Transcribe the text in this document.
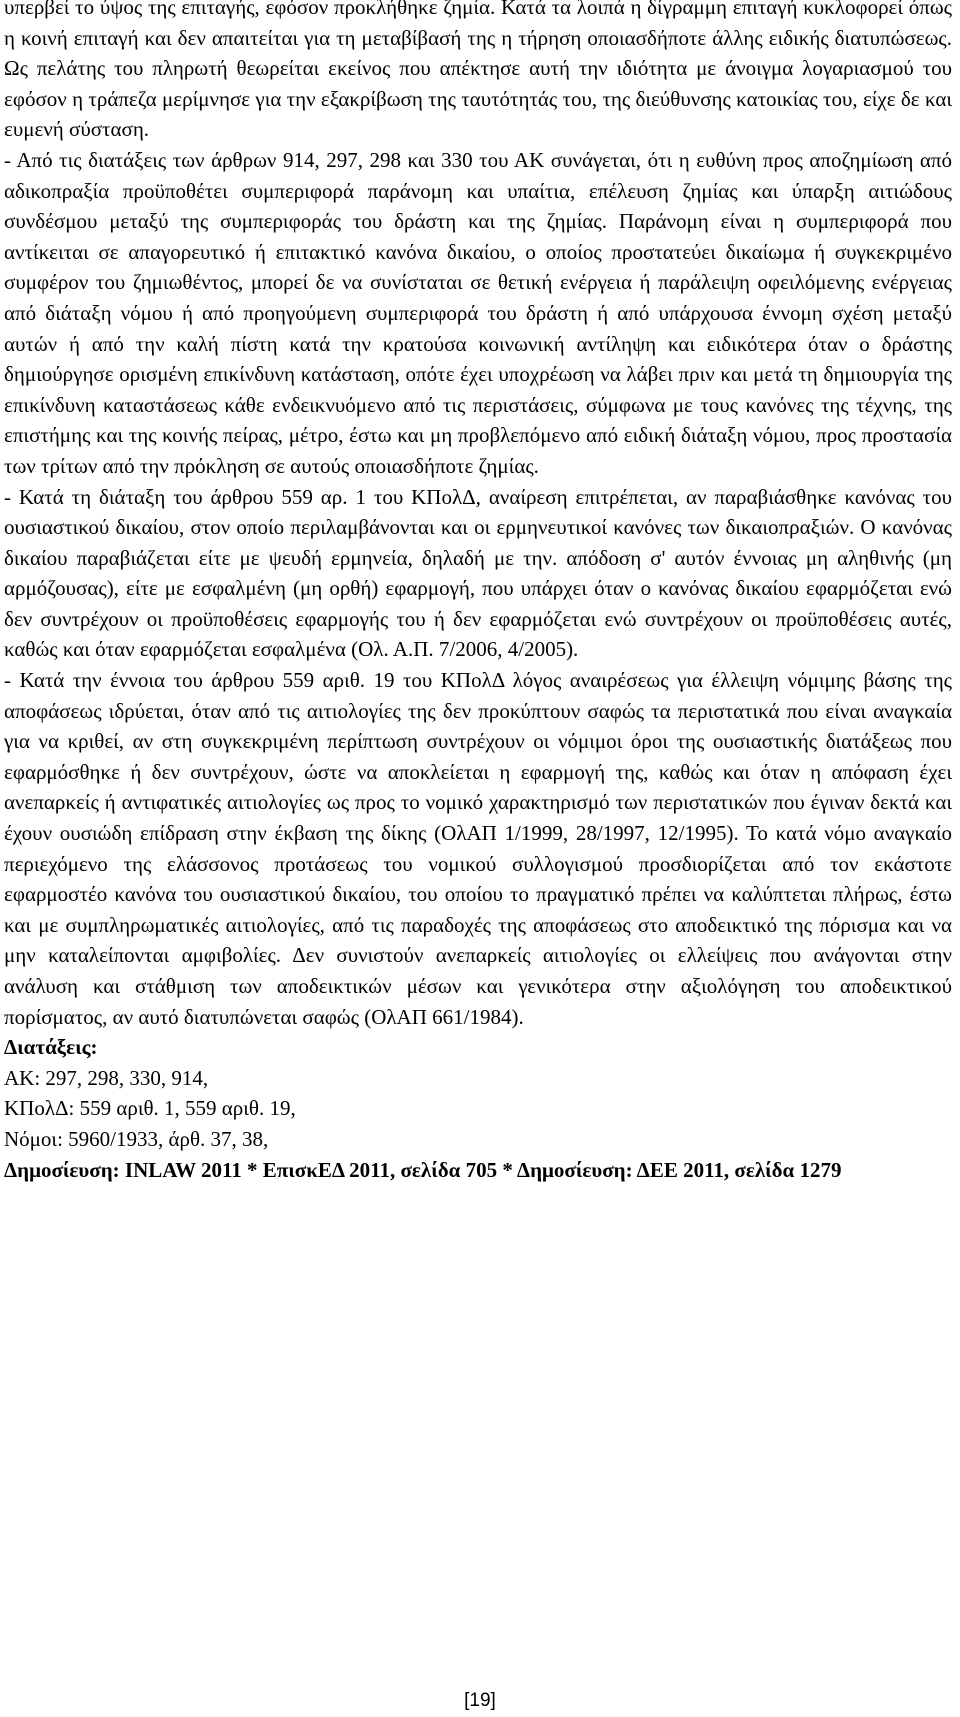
υπερβεί το ύψος της επιταγής, εφόσον προκλήθηκε ζημία. Κατά τα λοιπά η δίγραμμη επιταγή κυκλοφορεί όπως η κοινή επιταγή και δεν απαιτείται για τη μεταβίβασή της η τήρηση οποιασδήποτε άλλης ειδικής διατυπώσεως. Ως πελάτης του πληρωτή θεωρείται εκείνος που απέκτησε αυτή την ιδιότητα με άνοιγμα λογαριασμού του εφόσον η τράπεζα μερίμνησε για την εξακρίβωση της ταυτότητάς του, της διεύθυνσης κατοικίας του, είχε δε και ευμενή σύσταση.

- Από τις διατάξεις των άρθρων 914, 297, 298 και 330 του ΑΚ συνάγεται, ότι η ευθύνη προς αποζημίωση από αδικοπραξία προϋποθέτει συμπεριφορά παράνομη και υπαίτια, επέλευση ζημίας και ύπαρξη αιτιώδους συνδέσμου μεταξύ της συμπεριφοράς του δράστη και της ζημίας. Παράνομη είναι η συμπεριφορά που αντίκειται σε απαγορευτικό ή επιτακτικό κανόνα δικαίου, ο οποίος προστατεύει δικαίωμα ή συγκεκριμένο συμφέρον του ζημιωθέντος, μπορεί δε να συνίσταται σε θετική ενέργεια ή παράλειψη οφειλόμενης ενέργειας από διάταξη νόμου ή από προηγούμενη συμπεριφορά του δράστη ή από υπάρχουσα έννομη σχέση μεταξύ αυτών ή από την καλή πίστη κατά την κρατούσα κοινωνική αντίληψη και ειδικότερα όταν ο δράστης δημιούργησε ορισμένη επικίνδυνη κατάσταση, οπότε έχει υποχρέωση να λάβει πριν και μετά τη δημιουργία της επικίνδυνη καταστάσεως κάθε ενδεικνυόμενο από τις περιστάσεις, σύμφωνα με τους κανόνες της τέχνης, της επιστήμης και της κοινής πείρας, μέτρο, έστω και μη προβλεπόμενο από ειδική διάταξη νόμου, προς προστασία των τρίτων από την πρόκληση σε αυτούς οποιασδήποτε ζημίας.

- Κατά τη διάταξη του άρθρου 559 αρ. 1 του ΚΠολΔ, αναίρεση επιτρέπεται, αν παραβιάσθηκε κανόνας του ουσιαστικού δικαίου, στον οποίο περιλαμβάνονται και οι ερμηνευτικοί κανόνες των δικαιοπραξιών. Ο κανόνας δικαίου παραβιάζεται είτε με ψευδή ερμηνεία, δηλαδή με την. απόδοση σ' αυτόν έννοιας μη αληθινής (μη αρμόζουσας), είτε με εσφαλμένη (μη ορθή) εφαρμογή, που υπάρχει όταν ο κανόνας δικαίου εφαρμόζεται ενώ δεν συντρέχουν οι προϋποθέσεις εφαρμογής του ή δεν εφαρμόζεται ενώ συντρέχουν οι προϋποθέσεις αυτές, καθώς και όταν εφαρμόζεται εσφαλμένα (Ολ. Α.Π. 7/2006, 4/2005).

- Κατά την έννοια του άρθρου 559 αριθ. 19 του ΚΠολΔ λόγος αναιρέσεως για έλλειψη νόμιμης βάσης της αποφάσεως ιδρύεται, όταν από τις αιτιολογίες της δεν προκύπτουν σαφώς τα περιστατικά που είναι αναγκαία για να κριθεί, αν στη συγκεκριμένη περίπτωση συντρέχουν οι νόμιμοι όροι της ουσιαστικής διατάξεως που εφαρμόσθηκε ή δεν συντρέχουν, ώστε να αποκλείεται η εφαρμογή της, καθώς και όταν η απόφαση έχει ανεπαρκείς ή αντιφατικές αιτιολογίες ως προς το νομικό χαρακτηρισμό των περιστατικών που έγιναν δεκτά και έχουν ουσιώδη επίδραση στην έκβαση της δίκης (ΟλΑΠ 1/1999, 28/1997, 12/1995). Το κατά νόμο αναγκαίο περιεχόμενο της ελάσσονος προτάσεως του νομικού συλλογισμού προσδιορίζεται από τον εκάστοτε εφαρμοστέο κανόνα του ουσιαστικού δικαίου, του οποίου το πραγματικό πρέπει να καλύπτεται πλήρως, έστω και με συμπληρωματικές αιτιολογίες, από τις παραδοχές της αποφάσεως στο αποδεικτικό της πόρισμα και να μην καταλείπονται αμφιβολίες. Δεν συνιστούν ανεπαρκείς αιτιολογίες οι ελλείψεις που ανάγονται στην ανάλυση και στάθμιση των αποδεικτικών μέσων και γενικότερα στην αξιολόγηση του αποδεικτικού πορίσματος, αν αυτό διατυπώνεται σαφώς (ΟλΑΠ 661/1984).

Διατάξεις:

ΑΚ: 297, 298, 330, 914,

ΚΠολΔ: 559 αριθ. 1, 559 αριθ. 19,

Νόμοι: 5960/1933, άρθ. 37, 38,

Δημοσίευση: INLAW 2011 * ΕπισκΕΔ 2011, σελίδα 705 * Δημοσίευση: ΔΕΕ 2011, σελίδα 1279

[19]
